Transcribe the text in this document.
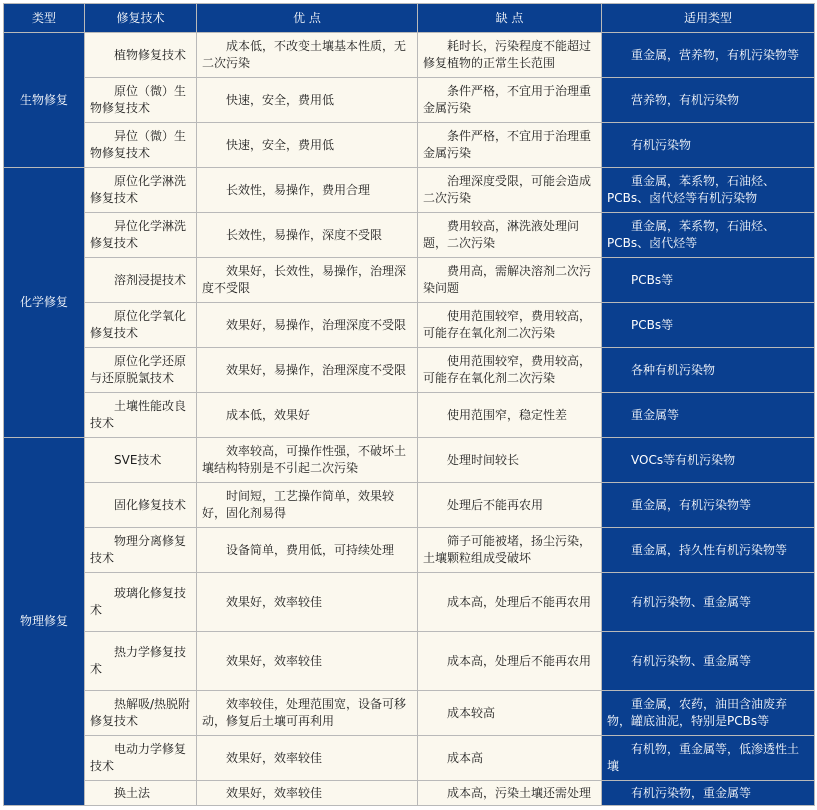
类型	修复技术	优 点	缺 点	适用类型
生物修复	植物修复技术	成本低，不改变土壤基本性质，无二次污染	耗时长，污染程度不能超过修复植物的正常生长范围	重金属，营养物，有机污染物等
	原位（微）生物修复技术	快速，安全，费用低	条件严格，不宜用于治理重金属污染	营养物，有机污染物
	异位（微）生物修复技术	快速，安全，费用低	条件严格，不宜用于治理重金属污染	有机污染物
化学修复	原位化学淋洗修复技术	长效性，易操作，费用合理	治理深度受限，可能会造成二次污染	重金属，苯系物，石油烃、PCBs、卤代烃等有机污染物
	异位化学淋洗修复技术	长效性，易操作，深度不受限	费用较高，淋洗液处理问题，二次污染	重金属，苯系物，石油烃、PCBs、卤代烃等
	溶剂浸提技术	效果好，长效性，易操作，治理深度不受限	费用高，需解决溶剂二次污染问题	PCBs等
	原位化学氧化修复技术	效果好，易操作，治理深度不受限	使用范围较窄，费用较高，可能存在氧化剂二次污染	PCBs等
	原位化学还原与还原脱氯技术	效果好，易操作，治理深度不受限	使用范围较窄，费用较高，可能存在氧化剂二次污染	各种有机污染物
	土壤性能改良技术	成本低，效果好	使用范围窄，稳定性差	重金属等
物理修复	SVE技术	效率较高，可操作性强，不破坏土壤结构特别是不引起二次污染	处理时间较长	VOCs等有机污染物
	固化修复技术	时间短，工艺操作简单，效果较好，固化剂易得	处理后不能再农用	重金属，有机污染物等
	物理分离修复技术	设备简单，费用低，可持续处理	筛子可能被堵，扬尘污染，土壤颗粒组成受破坏	重金属，持久性有机污染物等
	玻璃化修复技术	效果好，效率较佳	成本高，处理后不能再农用	有机污染物、重金属等
	热力学修复技术	效果好，效率较佳	成本高，处理后不能再农用	有机污染物、重金属等
	热解吸/热脱附修复技术	效率较佳，处理范围宽，设备可移动，修复后土壤可再利用	成本较高	重金属，农药，油田含油废弃物，罐底油泥，特别是PCBs等
	电动力学修复技术	效果好，效率较佳	成本高	有机物，重金属等，低渗透性土壤
	换土法	效果好，效率较佳	成本高，污染土壤还需处理	有机污染物，重金属等
